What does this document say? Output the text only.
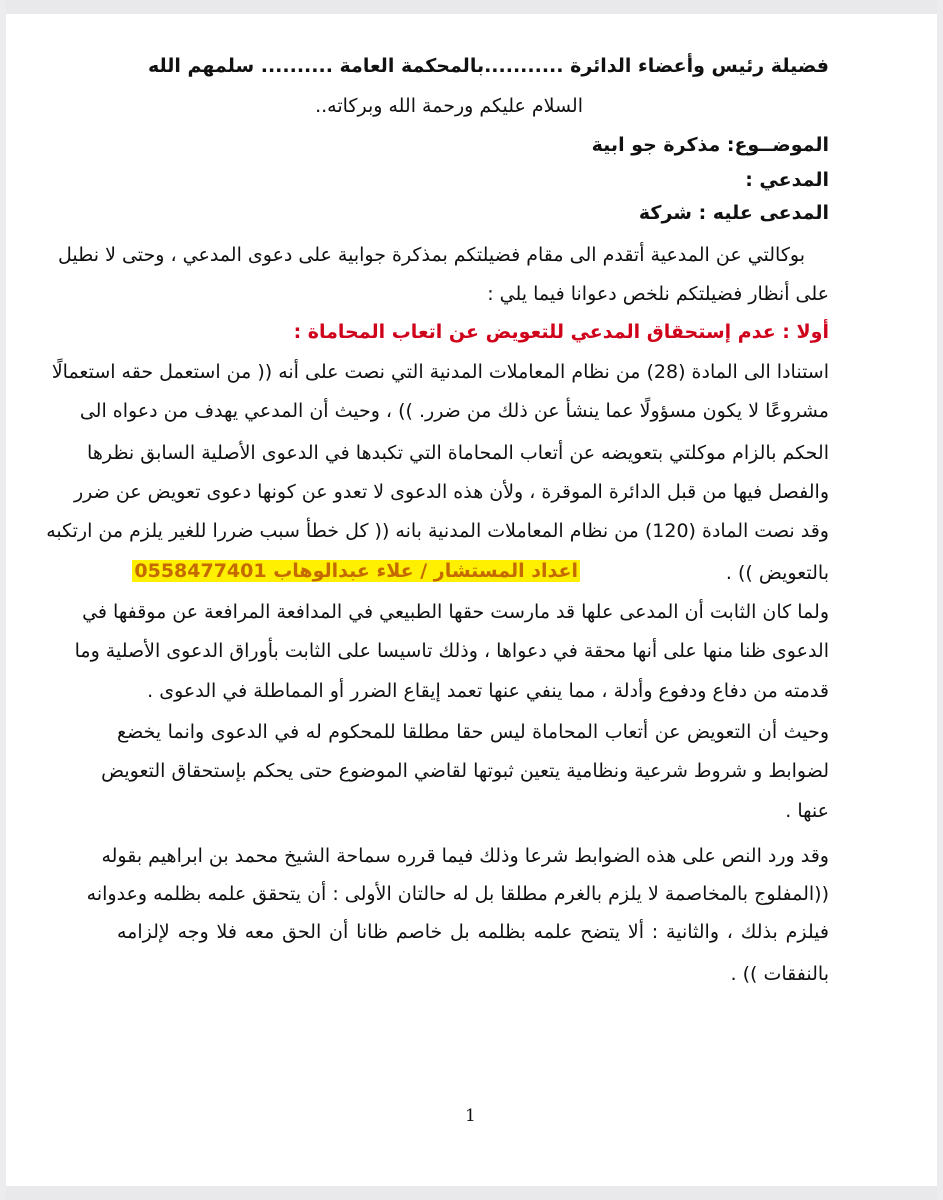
فضيلة رئيس وأعضاء الدائرة ...........بالمحكمة العامة .......... سلمهم الله
السلام عليكم ورحمة الله وبركاته..
الموضــوع: مذكرة جو ابية
المدعي :
المدعى عليه : شركة
بوكالتي عن المدعية أتقدم الى مقام فضيلتكم بمذكرة جوابية على دعوى المدعي ، وحتى لا نطيل
على أنظار فضيلتكم نلخص دعوانا فيما يلي :
أولا : عدم إستحقاق المدعي للتعويض عن اتعاب المحاماة :
استنادا الى المادة (28) من نظام المعاملات المدنية التي نصت على أنه (( من استعمل حقه استعمالًا
مشروعًا لا يكون مسؤولًا عما ينشأ عن ذلك من ضرر. )) ، وحيث أن المدعي يهدف من دعواه الى
الحكم بالزام موكلتي بتعويضه عن أتعاب المحاماة التي تكبدها في الدعوى الأصلية السابق نظرها
والفصل فيها من قبل الدائرة الموقرة ، ولأن هذه الدعوى لا تعدو عن كونها دعوى تعويض عن ضرر
وقد نصت المادة (120) من نظام المعاملات المدنية بانه (( كل خطأ سبب ضررا للغير يلزم من ارتكبه
بالتعويض )) .
اعداد المستشار / علاء عبدالوهاب 0558477401
ولما كان الثابت أن المدعى علها قد مارست حقها الطبيعي في المدافعة المرافعة عن موقفها في
الدعوى ظنا منها على أنها محقة في دعواها ، وذلك تاسيسا على الثابت بأوراق الدعوى الأصلية وما
قدمته من دفاع ودفوع وأدلة ، مما ينفي عنها تعمد إيقاع الضرر أو المماطلة في الدعوى .
وحيث أن التعويض عن أتعاب المحاماة ليس حقا مطلقا للمحكوم له في الدعوى وانما يخضع
لضوابط و شروط شرعية ونظامية يتعين ثبوتها لقاضي الموضوع حتى يحكم بإستحقاق التعويض
عنها .
وقد ورد النص على هذه الضوابط شرعا وذلك فيما قرره سماحة الشيخ محمد بن ابراهيم بقوله
((المفلوج بالمخاصمة لا يلزم بالغرم مطلقا بل له حالتان الأولى : أن يتحقق علمه بظلمه وعدوانه
فيلزم بذلك ، والثانية : ألا يتضح علمه بظلمه بل خاصم ظانا أن الحق معه فلا وجه لإلزامه
بالنفقات )) .
1
